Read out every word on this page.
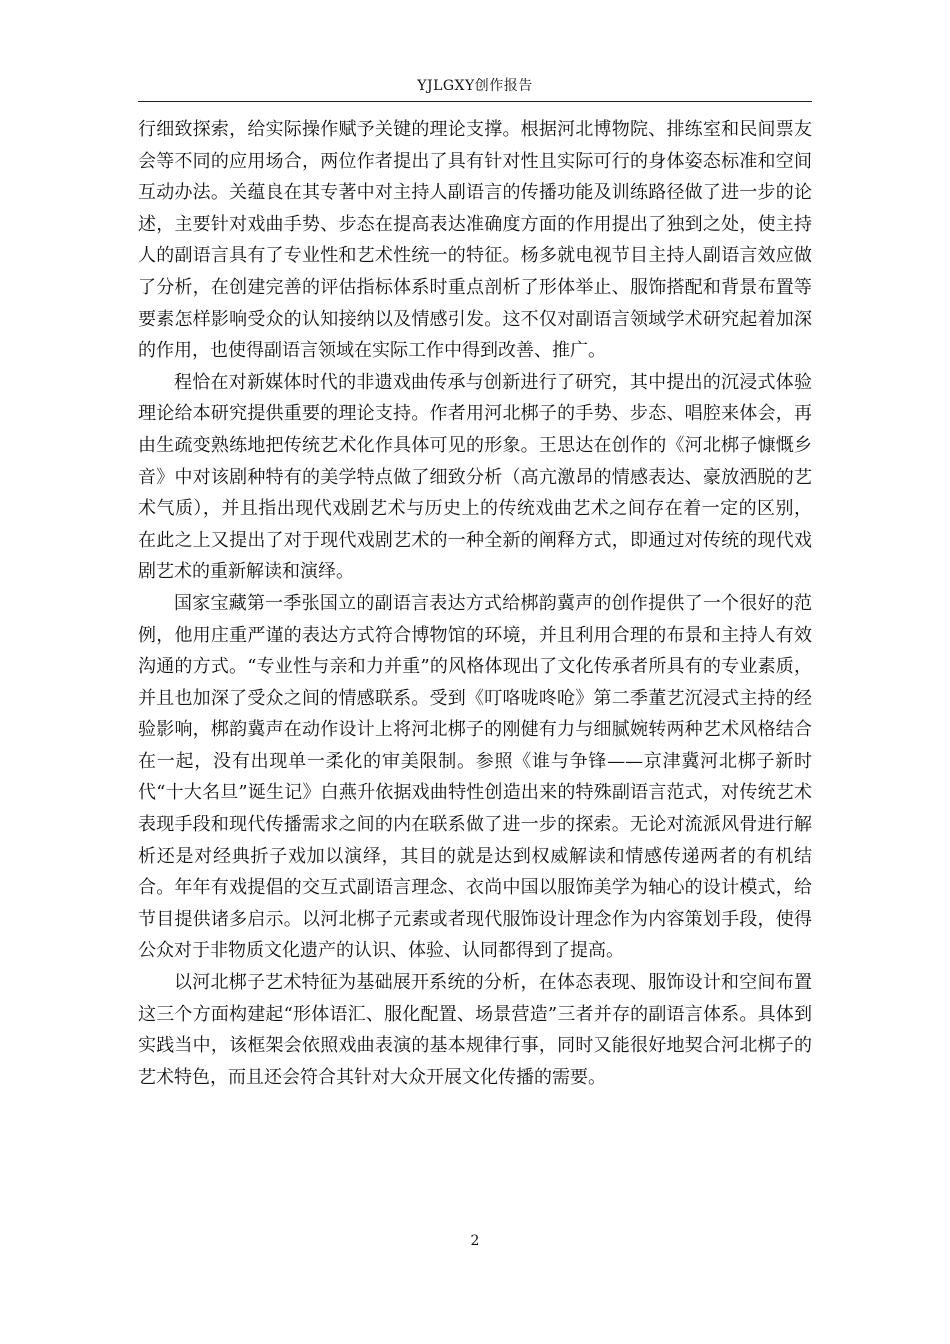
YJLGXY创作报告

行细致探索，给实际操作赋予关键的理论支撑。根据河北博物院、排练室和民间票友会等不同的应用场合，两位作者提出了具有针对性且实际可行的身体姿态标准和空间互动办法。关蕴良在其专著中对主持人副语言的传播功能及训练路径做了进一步的论述，主要针对戏曲手势、步态在提高表达准确度方面的作用提出了独到之处，使主持人的副语言具有了专业性和艺术性统一的特征。杨多就电视节目主持人副语言效应做了分析，在创建完善的评估指标体系时重点剖析了形体举止、服饰搭配和背景布置等要素怎样影响受众的认知接纳以及情感引发。这不仅对副语言领域学术研究起着加深的作用，也使得副语言领域在实际工作中得到改善、推广。

程恰在对新媒体时代的非遗戏曲传承与创新进行了研究，其中提出的沉浸式体验理论给本研究提供重要的理论支持。作者用河北梆子的手势、步态、唱腔来体会，再由生疏变熟练地把传统艺术化作具体可见的形象。王思达在创作的《河北梆子慷慨乡音》中对该剧种特有的美学特点做了细致分析（高亢激昂的情感表达、豪放洒脱的艺术气质），并且指出现代戏剧艺术与历史上的传统戏曲艺术之间存在着一定的区别，在此之上又提出了对于现代戏剧艺术的一种全新的阐释方式，即通过对传统的现代戏剧艺术的重新解读和演绎。

国家宝藏第一季张国立的副语言表达方式给梆韵冀声的创作提供了一个很好的范例，他用庄重严谨的表达方式符合博物馆的环境，并且利用合理的布景和主持人有效沟通的方式。“专业性与亲和力并重”的风格体现出了文化传承者所具有的专业素质，并且也加深了受众之间的情感联系。受到《叮咯咙咚呛》第二季董艺沉浸式主持的经验影响，梆韵冀声在动作设计上将河北梆子的刚健有力与细腻婉转两种艺术风格结合在一起，没有出现单一柔化的审美限制。参照《谁与争锋——京津冀河北梆子新时代“十大名旦”诞生记》白燕升依据戏曲特性创造出来的特殊副语言范式，对传统艺术表现手段和现代传播需求之间的内在联系做了进一步的探索。无论对流派风骨进行解析还是对经典折子戏加以演绎，其目的就是达到权威解读和情感传递两者的有机结合。年年有戏提倡的交互式副语言理念、衣尚中国以服饰美学为轴心的设计模式，给节目提供诸多启示。以河北梆子元素或者现代服饰设计理念作为内容策划手段，使得公众对于非物质文化遗产的认识、体验、认同都得到了提高。

以河北梆子艺术特征为基础展开系统的分析，在体态表现、服饰设计和空间布置这三个方面构建起“形体语汇、服化配置、场景营造”三者并存的副语言体系。具体到实践当中，该框架会依照戏曲表演的基本规律行事，同时又能很好地契合河北梆子的艺术特色，而且还会符合其针对大众开展文化传播的需要。

2
